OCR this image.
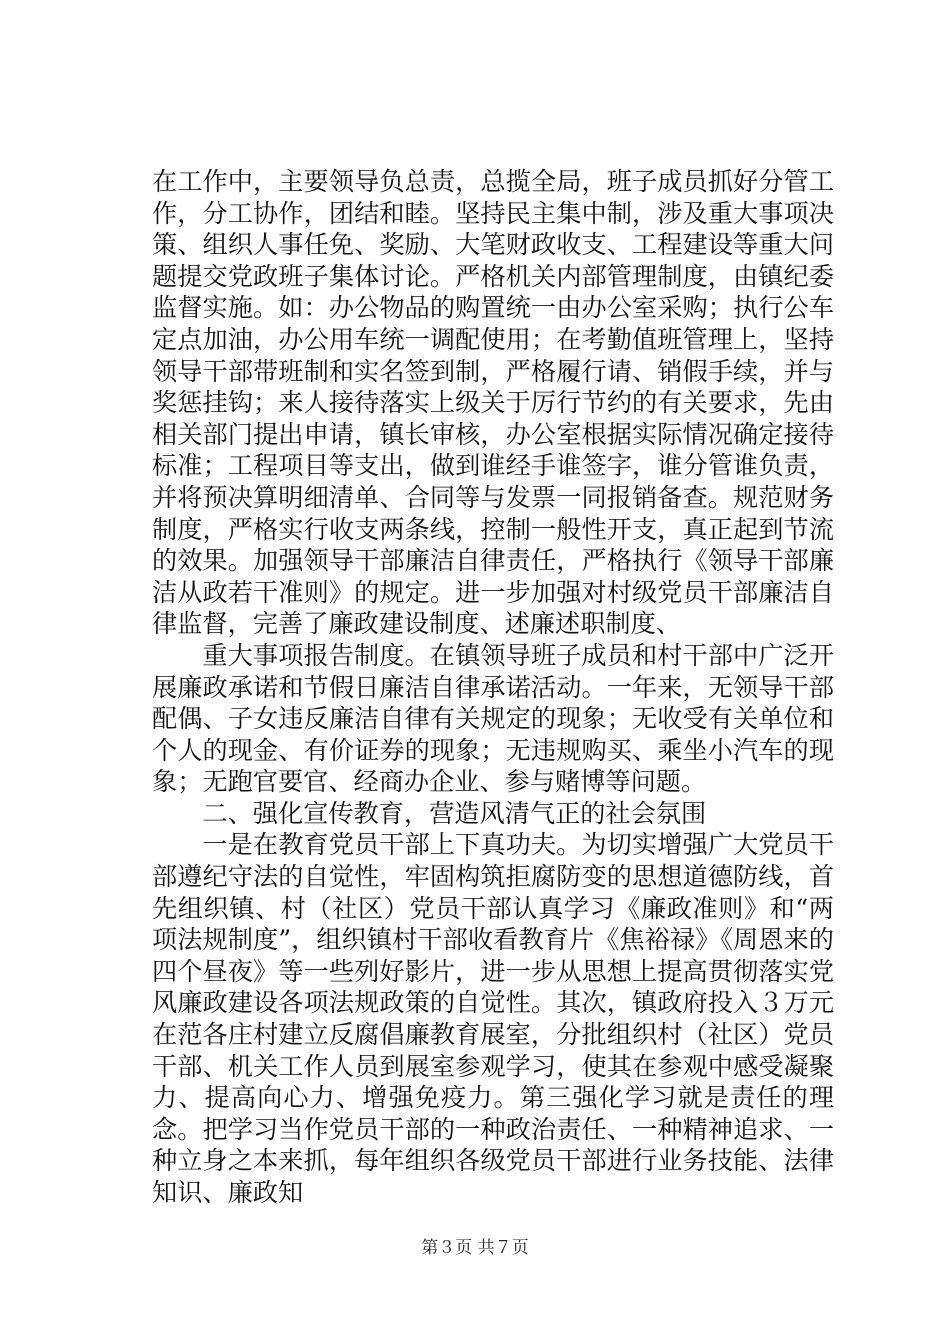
在工作中，主要领导负总责，总揽全局，班子成员抓好分管工作，分工协作，团结和睦。坚持民主集中制，涉及重大事项决策、组织人事任免、奖励、大笔财政收支、工程建设等重大问题提交党政班子集体讨论。严格机关内部管理制度，由镇纪委监督实施。如：办公物品的购置统一由办公室采购；执行公车定点加油，办公用车统一调配使用；在考勤值班管理上，坚持领导干部带班制和实名签到制，严格履行请、销假手续，并与奖惩挂钩；来人接待落实上级关于厉行节约的有关要求，先由相关部门提出申请，镇长审核，办公室根据实际情况确定接待标准；工程项目等支出，做到谁经手谁签字，谁分管谁负责，并将预决算明细清单、合同等与发票一同报销备查。规范财务制度，严格实行收支两条线，控制一般性开支，真正起到节流的效果。加强领导干部廉洁自律责任，严格执行《领导干部廉洁从政若干准则》的规定。进一步加强对村级党员干部廉洁自律监督，完善了廉政建设制度、述廉述职制度、

重大事项报告制度。在镇领导班子成员和村干部中广泛开展廉政承诺和节假日廉洁自律承诺活动。一年来，无领导干部配偶、子女违反廉洁自律有关规定的现象；无收受有关单位和个人的现金、有价证券的现象；无违规购买、乘坐小汽车的现象；无跑官要官、经商办企业、参与赌博等问题。

二、强化宣传教育，营造风清气正的社会氛围

一是在教育党员干部上下真功夫。为切实增强广大党员干部遵纪守法的自觉性，牢固构筑拒腐防变的思想道德防线，首先组织镇、村（社区）党员干部认真学习《廉政准则》和“两项法规制度”，组织镇村干部收看教育片《焦裕禄》《周恩来的四个昼夜》等一些列好影片，进一步从思想上提高贯彻落实党风廉政建设各项法规政策的自觉性。其次，镇政府投入３万元在范各庄村建立反腐倡廉教育展室，分批组织村（社区）党员干部、机关工作人员到展室参观学习，使其在参观中感受凝聚力、提高向心力、增强免疫力。第三强化学习就是责任的理念。把学习当作党员干部的一种政治责任、一种精神追求、一种立身之本来抓，每年组织各级党员干部进行业务技能、法律知识、廉政知

第３页 共７页
